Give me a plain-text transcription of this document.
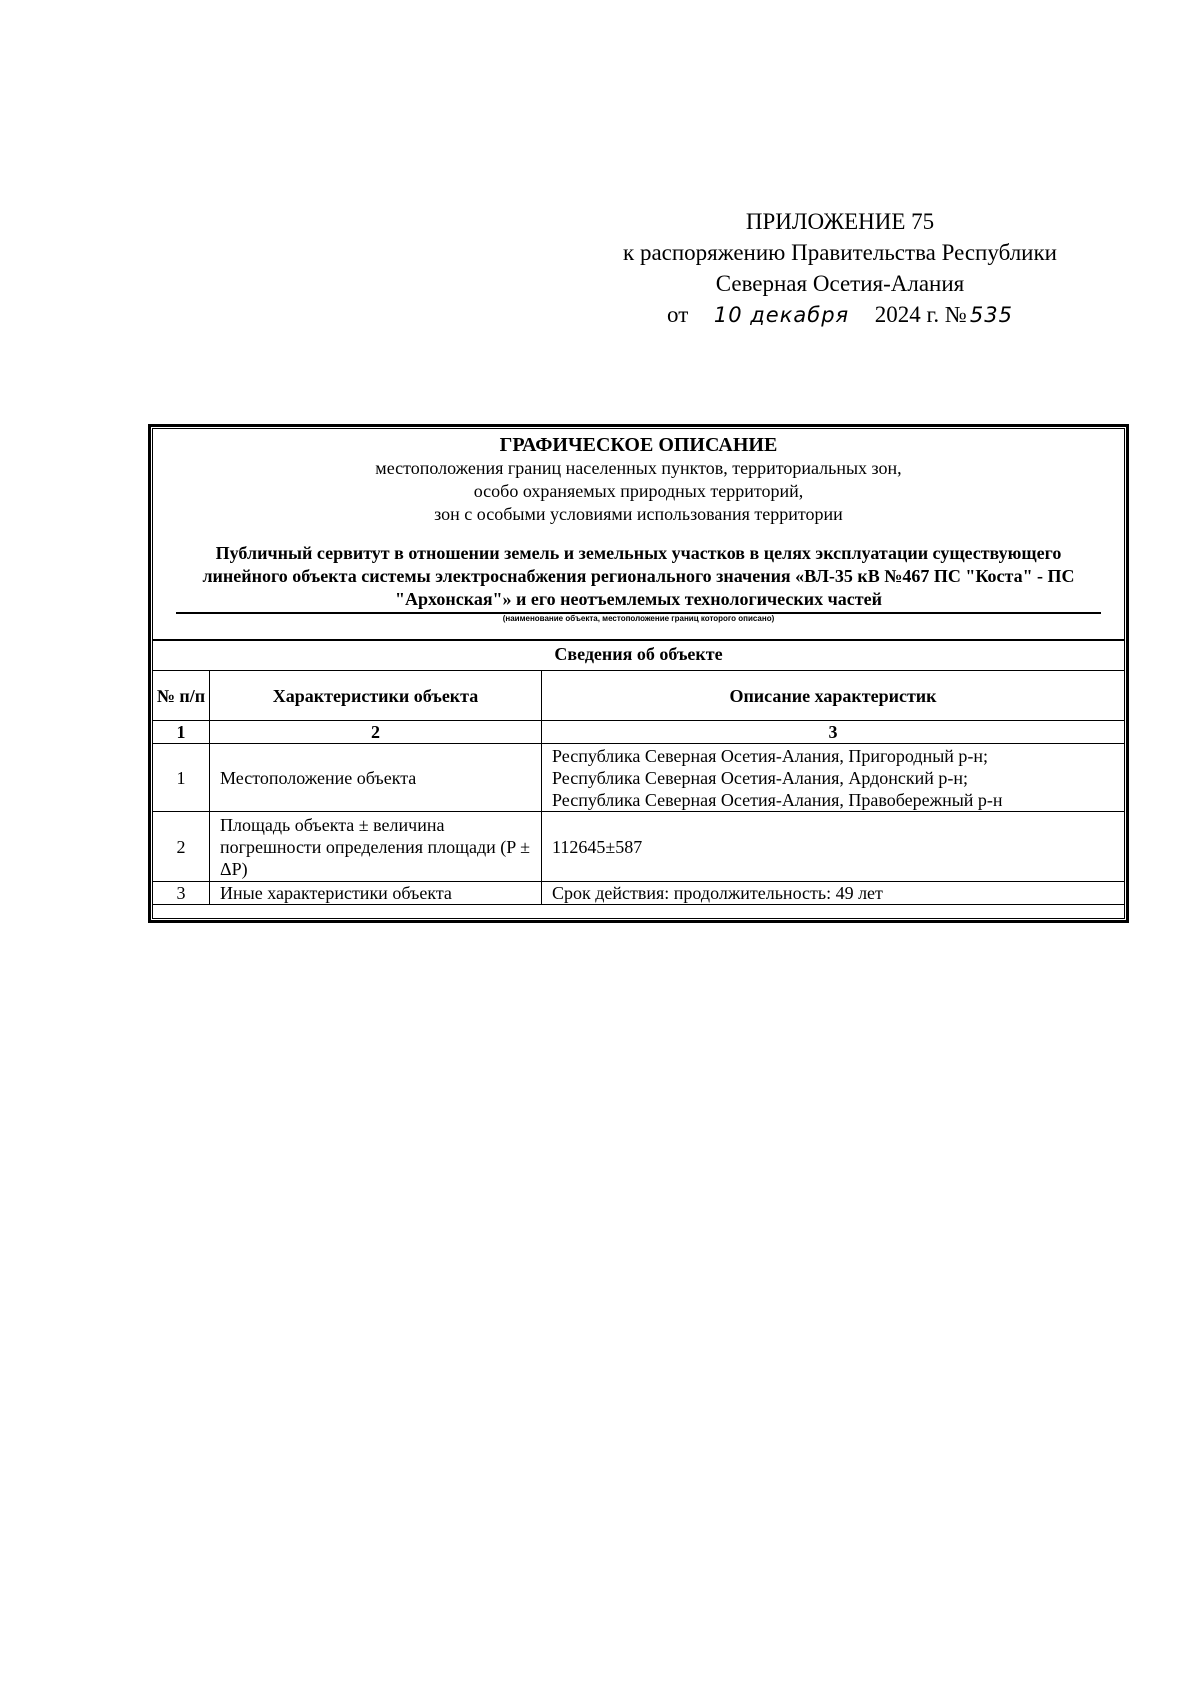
ПРИЛОЖЕНИЕ 75
к распоряжению Правительства Республики
Северная Осетия-Алания
от 10 декабря 2024 г. № 535
ГРАФИЧЕСКОЕ ОПИСАНИЕ
местоположения границ населенных пунктов, территориальных зон,
особо охраняемых природных территорий,
зон с особыми условиями использования территории
Публичный сервитут в отношении земель и земельных участков в целях эксплуатации существующего линейного объекта системы электроснабжения регионального значения «ВЛ-35 кВ №467 ПС "Коста" - ПС "Архонская"» и его неотъемлемых технологических частей
(наименование объекта, местоположение границ которого описано)
Сведения об объекте
№ п/п	Характеристики объекта	Описание характеристик
1	2	3
1	Местоположение объекта	Республика Северная Осетия-Алания, Пригородный р-н;
Республика Северная Осетия-Алания, Ардонский р-н;
Республика Северная Осетия-Алания, Правобережный р-н

2	Площадь объекта ± величина погрешности определения площади (P ± ΔP)	112645±587
3	Иные характеристики объекта	Срок действия: продолжительность: 49 лет
